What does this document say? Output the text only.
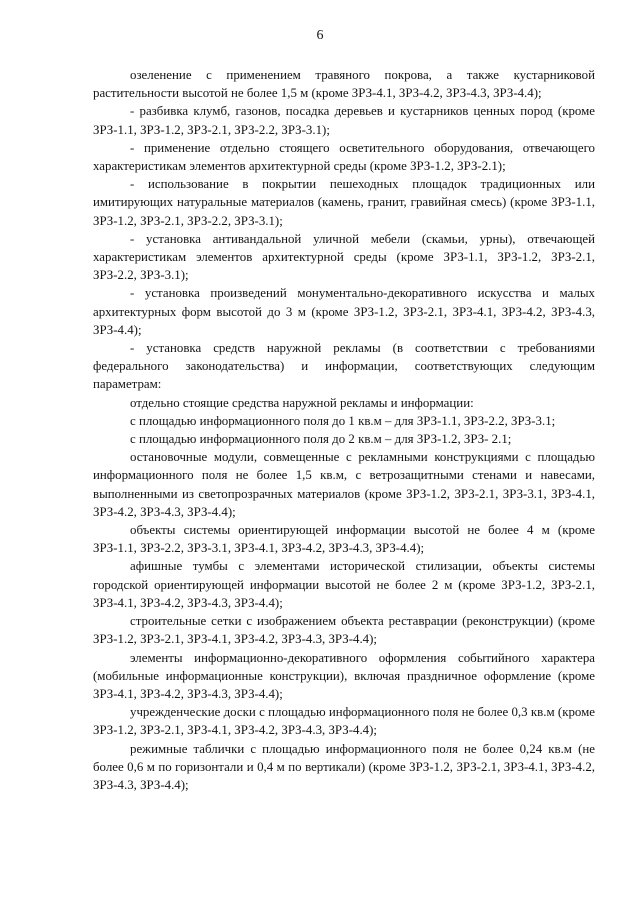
6

озеленение с применением травяного покрова, а также кустарниковой растительности высотой не более 1,5 м (кроме ЗРЗ-4.1, ЗРЗ-4.2, ЗРЗ-4.3, ЗРЗ-4.4);

- разбивка клумб, газонов, посадка деревьев и кустарников ценных пород (кроме ЗРЗ-1.1, ЗРЗ-1.2, ЗРЗ-2.1, ЗРЗ-2.2, ЗРЗ-3.1);

- применение отдельно стоящего осветительного оборудования, отвечающего характеристикам элементов архитектурной среды (кроме ЗРЗ-1.2, ЗРЗ-2.1);

- использование в покрытии пешеходных площадок традиционных или имитирующих натуральные материалов (камень, гранит, гравийная смесь) (кроме ЗРЗ-1.1, ЗРЗ-1.2, ЗРЗ-2.1, ЗРЗ-2.2, ЗРЗ-3.1);

- установка антивандальной уличной мебели (скамьи, урны), отвечающей характеристикам элементов архитектурной среды (кроме ЗРЗ-1.1, ЗРЗ-1.2, ЗРЗ-2.1, ЗРЗ-2.2, ЗРЗ-3.1);

- установка произведений монументально-декоративного искусства и малых архитектурных форм высотой до 3 м (кроме ЗРЗ-1.2, ЗРЗ-2.1, ЗРЗ-4.1, ЗРЗ-4.2, ЗРЗ-4.3, ЗРЗ-4.4);

- установка средств наружной рекламы (в соответствии с требованиями федерального законодательства) и информации, соответствующих следующим параметрам:

отдельно стоящие средства наружной рекламы и информации:

с площадью информационного поля до 1 кв.м – для ЗРЗ-1.1, ЗРЗ-2.2, ЗРЗ-3.1;

с площадью информационного поля до 2 кв.м – для ЗРЗ-1.2, ЗРЗ- 2.1;

остановочные модули, совмещенные с рекламными конструкциями с площадью информационного поля не более 1,5 кв.м, с ветрозащитными стенами и навесами, выполненными из светопрозрачных материалов (кроме ЗРЗ-1.2, ЗРЗ-2.1, ЗРЗ-3.1, ЗРЗ-4.1, ЗРЗ-4.2, ЗРЗ-4.3, ЗРЗ-4.4);

объекты системы ориентирующей информации высотой не более 4 м (кроме ЗРЗ-1.1, ЗРЗ-2.2, ЗРЗ-3.1, ЗРЗ-4.1, ЗРЗ-4.2, ЗРЗ-4.3, ЗРЗ-4.4);

афишные тумбы с элементами исторической стилизации, объекты системы городской ориентирующей информации высотой не более 2 м (кроме ЗРЗ-1.2, ЗРЗ-2.1, ЗРЗ-4.1, ЗРЗ-4.2, ЗРЗ-4.3, ЗРЗ-4.4);

строительные сетки с изображением объекта реставрации (реконструкции) (кроме ЗРЗ-1.2, ЗРЗ-2.1, ЗРЗ-4.1, ЗРЗ-4.2, ЗРЗ-4.3, ЗРЗ-4.4);

элементы информационно-декоративного оформления событийного характера (мобильные информационные конструкции), включая праздничное оформление (кроме ЗРЗ-4.1, ЗРЗ-4.2, ЗРЗ-4.3, ЗРЗ-4.4);

учрежденческие доски с площадью информационного поля не более 0,3 кв.м (кроме ЗРЗ-1.2, ЗРЗ-2.1, ЗРЗ-4.1, ЗРЗ-4.2, ЗРЗ-4.3, ЗРЗ-4.4);

режимные таблички с площадью информационного поля не более 0,24 кв.м (не более 0,6 м по горизонтали и 0,4 м по вертикали) (кроме ЗРЗ-1.2, ЗРЗ-2.1, ЗРЗ-4.1, ЗРЗ-4.2, ЗРЗ-4.3, ЗРЗ-4.4);
